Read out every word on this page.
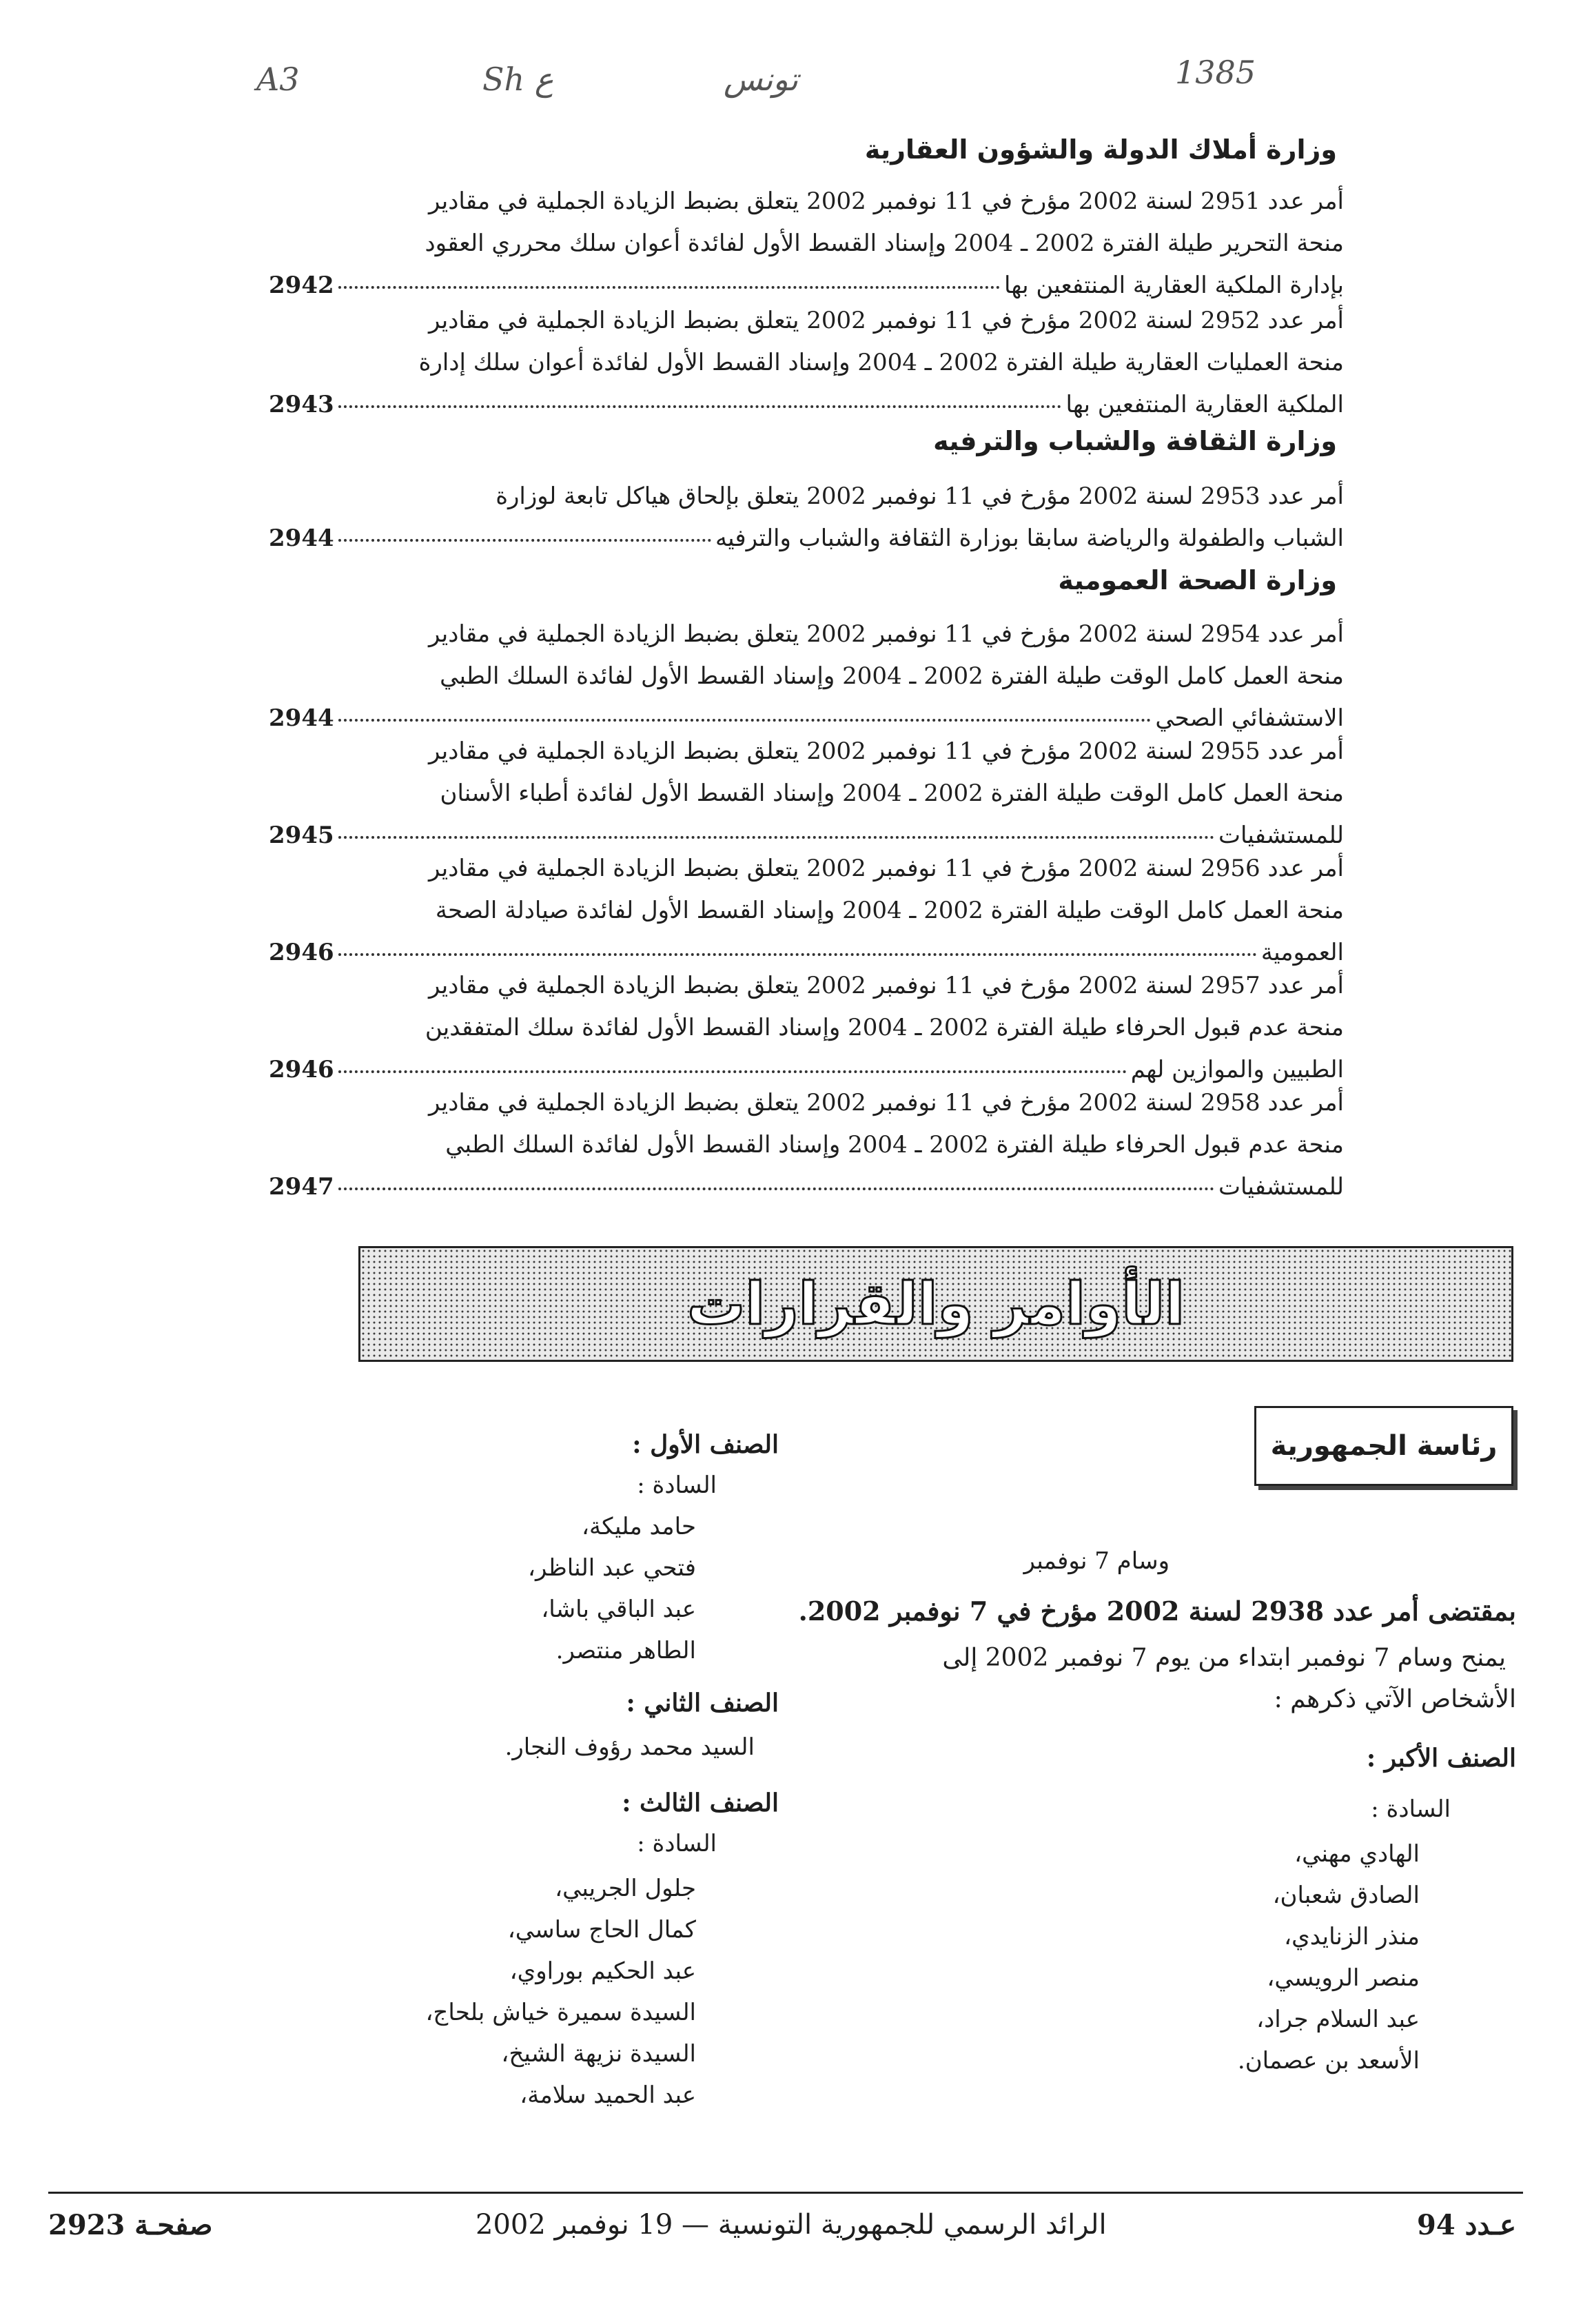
A3	Sh ع	تونس	1385
وزارة أملاك الدولة والشؤون العقارية
أمر عدد 2951 لسنة 2002 مؤرخ في 11 نوفمبر 2002 يتعلق بضبط الزيادة الجملية في مقادير
منحة التحرير طيلة الفترة 2002 ـ 2004 وإسناد القسط الأول لفائدة أعوان سلك محرري العقود
بإدارة الملكية العقارية المنتفعين بها
2942
أمر عدد 2952 لسنة 2002 مؤرخ في 11 نوفمبر 2002 يتعلق بضبط الزيادة الجملية في مقادير
منحة العمليات العقارية طيلة الفترة 2002 ـ 2004 وإسناد القسط الأول لفائدة أعوان سلك إدارة
الملكية العقارية المنتفعين بها
2943
وزارة الثقافة والشباب والترفيه
أمر عدد 2953 لسنة 2002 مؤرخ في 11 نوفمبر 2002 يتعلق بإلحاق هياكل تابعة لوزارة
الشباب والطفولة والرياضة سابقا بوزارة الثقافة والشباب والترفيه
2944
وزارة الصحة العمومية
أمر عدد 2954 لسنة 2002 مؤرخ في 11 نوفمبر 2002 يتعلق بضبط الزيادة الجملية في مقادير
منحة العمل كامل الوقت طيلة الفترة 2002 ـ 2004 وإسناد القسط الأول لفائدة السلك الطبي
الاستشفائي الصحي
2944
أمر عدد 2955 لسنة 2002 مؤرخ في 11 نوفمبر 2002 يتعلق بضبط الزيادة الجملية في مقادير
منحة العمل كامل الوقت طيلة الفترة 2002 ـ 2004 وإسناد القسط الأول لفائدة أطباء الأسنان
للمستشفيات
2945
أمر عدد 2956 لسنة 2002 مؤرخ في 11 نوفمبر 2002 يتعلق بضبط الزيادة الجملية في مقادير
منحة العمل كامل الوقت طيلة الفترة 2002 ـ 2004 وإسناد القسط الأول لفائدة صيادلة الصحة
العمومية
2946
أمر عدد 2957 لسنة 2002 مؤرخ في 11 نوفمبر 2002 يتعلق بضبط الزيادة الجملية في مقادير
منحة عدم قبول الحرفاء طيلة الفترة 2002 ـ 2004 وإسناد القسط الأول لفائدة سلك المتفقدين
الطبيين والموازين لهم
2946
أمر عدد 2958 لسنة 2002 مؤرخ في 11 نوفمبر 2002 يتعلق بضبط الزيادة الجملية في مقادير
منحة عدم قبول الحرفاء طيلة الفترة 2002 ـ 2004 وإسناد القسط الأول لفائدة السلك الطبي
للمستشفيات
2947
الأوامر والقرارات
رئاسة الجمهورية
وسام 7 نوفمبر
بمقتضى أمر عدد 2938 لسنة 2002 مؤرخ في 7 نوفمبر 2002.
يمنح وسام 7 نوفمبر ابتداء من يوم 7 نوفمبر 2002 إلى
الأشخاص الآتي ذكرهم :
الصنف الأكبر :
السادة :
الهادي مهني،
الصادق شعبان،
منذر الزنايدي،
منصر الرويسي،
عبد السلام جراد،
الأسعد بن عصمان.
الصنف الأول :
السادة :
حامد مليكة،
فتحي عبد الناظر،
عبد الباقي باشا،
الطاهر منتصر.
الصنف الثاني :
السيد محمد رؤوف النجار.
الصنف الثالث :
السادة :
جلول الجريبي،
كمال الحاج ساسي،
عبد الحكيم بوراوي،
السيدة سميرة خياش بلحاج،
السيدة نزيهة الشيخ،
عبد الحميد سلامة،
عـدد 94
الرائد الرسمي للجمهورية التونسية — 19 نوفمبر 2002
صفحـة 2923
